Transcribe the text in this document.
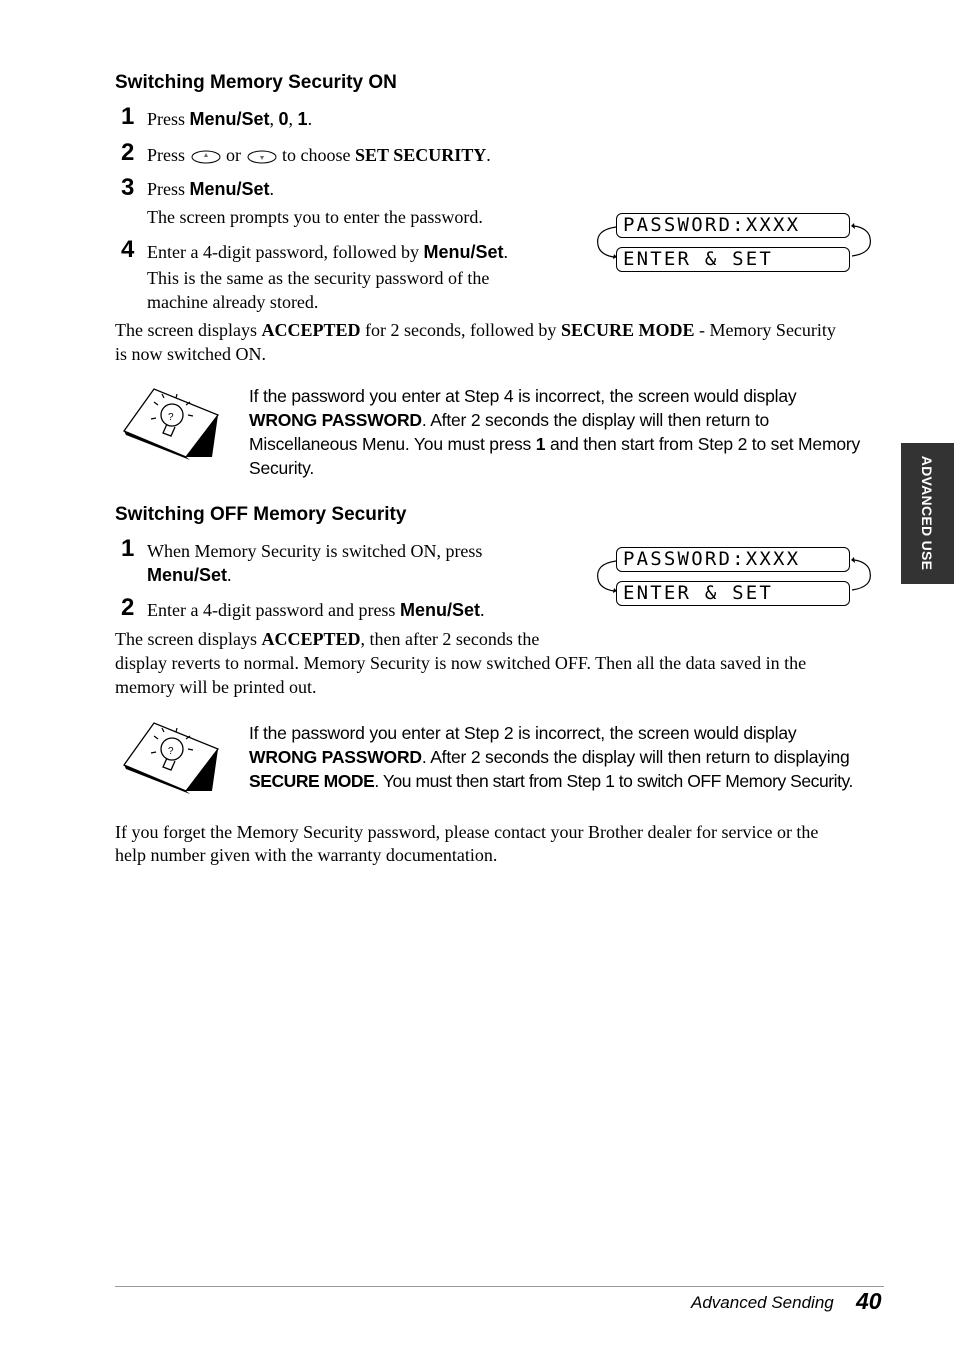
Switching Memory Security ON
1 Press Menu/Set, 0, 1.
2 Press  or  to choose SET SECURITY.
3 Press Menu/Set.
The screen prompts you to enter the password.
4 Enter a 4-digit password, followed by Menu/Set.
This is the same as the security password of the
machine already stored.
PASSWORD:XXXX
ENTER & SET
The screen displays ACCEPTED for 2 seconds, followed by SECURE MODE - Memory Security
is now switched ON.
?
If the password you enter at Step 4 is incorrect, the screen would display
WRONG PASSWORD. After 2 seconds the display will then return to
Miscellaneous Menu. You must press 1 and then start from Step 2 to set Memory
Security.
Switching OFF Memory Security
1 When Memory Security is switched ON, press
Menu/Set.
2 Enter a 4-digit password and press Menu/Set.
PASSWORD:XXXX
ENTER & SET
The screen displays ACCEPTED, then after 2 seconds the
display reverts to normal. Memory Security is now switched OFF. Then all the data saved in the
memory will be printed out.
?
If the password you enter at Step 2 is incorrect, the screen would display
WRONG PASSWORD. After 2 seconds the display will then return to displaying
SECURE MODE. You must then start from Step 1 to switch OFF Memory Security.
If you forget the Memory Security password, please contact your Brother dealer for service or the
help number given with the warranty documentation.
ADVANCED USE
Advanced Sending 40
